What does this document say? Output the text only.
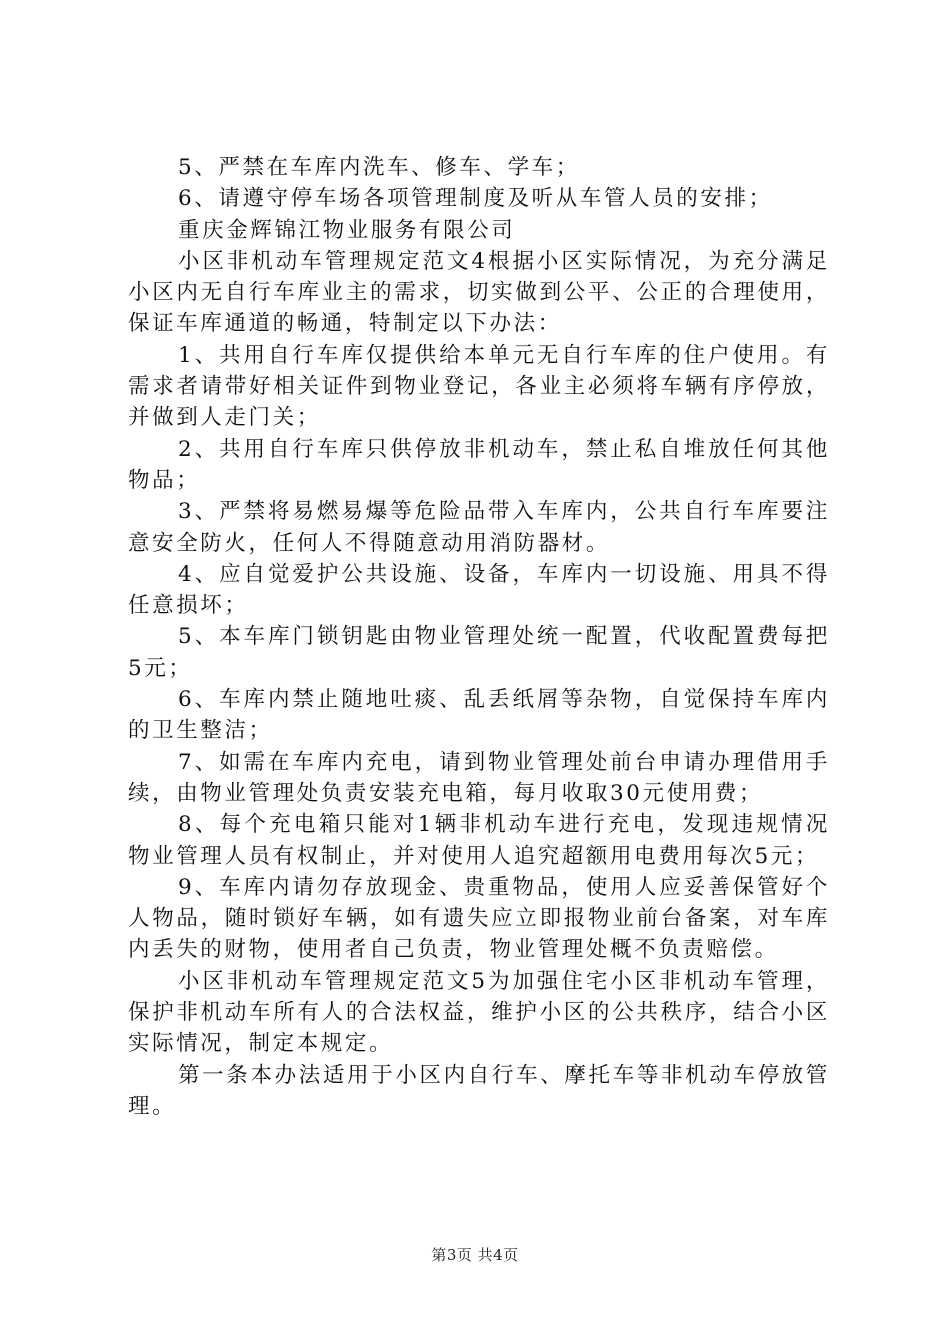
5、严禁在车库内洗车、修车、学车；

6、请遵守停车场各项管理制度及听从车管人员的安排；

重庆金辉锦江物业服务有限公司

小区非机动车管理规定范文4根据小区实际情况，为充分满足小区内无自行车库业主的需求，切实做到公平、公正的合理使用，保证车库通道的畅通，特制定以下办法：

1、共用自行车库仅提供给本单元无自行车库的住户使用。有需求者请带好相关证件到物业登记，各业主必须将车辆有序停放，并做到人走门关；

2、共用自行车库只供停放非机动车，禁止私自堆放任何其他物品；

3、严禁将易燃易爆等危险品带入车库内，公共自行车库要注意安全防火，任何人不得随意动用消防器材。

4、应自觉爱护公共设施、设备，车库内一切设施、用具不得任意损坏；

5、本车库门锁钥匙由物业管理处统一配置，代收配置费每把5元；

6、车库内禁止随地吐痰、乱丢纸屑等杂物，自觉保持车库内的卫生整洁；

7、如需在车库内充电，请到物业管理处前台申请办理借用手续，由物业管理处负责安装充电箱，每月收取30元使用费；

8、每个充电箱只能对1辆非机动车进行充电，发现违规情况物业管理人员有权制止，并对使用人追究超额用电费用每次5元；

9、车库内请勿存放现金、贵重物品，使用人应妥善保管好个人物品，随时锁好车辆，如有遗失应立即报物业前台备案，对车库内丢失的财物，使用者自己负责，物业管理处概不负责赔偿。

小区非机动车管理规定范文5为加强住宅小区非机动车管理，保护非机动车所有人的合法权益，维护小区的公共秩序，结合小区实际情况，制定本规定。

第一条本办法适用于小区内自行车、摩托车等非机动车停放管理。

第3页 共4页
